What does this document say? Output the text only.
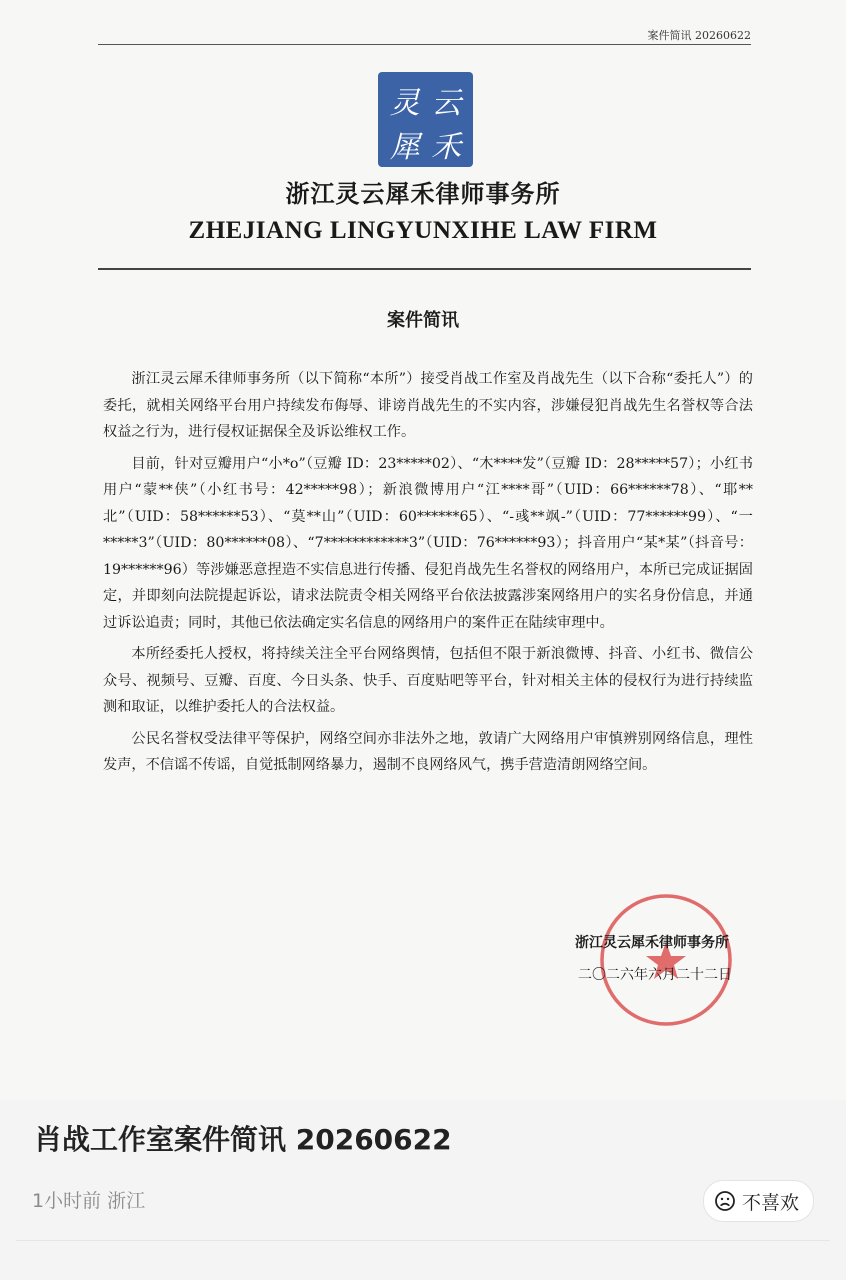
案件简讯 20260622
灵 云
犀 禾
浙江灵云犀禾律师事务所
ZHEJIANG LINGYUNXIHE LAW FIRM
案件简讯

浙江灵云犀禾律师事务所（以下简称“本所”）接受肖战工作室及肖战先生（以下合称“委托人”）的委托，就相关网络平台用户持续发布侮辱、诽谤肖战先生的不实内容，涉嫌侵犯肖战先生名誉权等合法权益之行为，进行侵权证据保全及诉讼维权工作。

目前，针对豆瓣用户“小*o”（豆瓣 ID：23*****02）、“木****发”（豆瓣 ID：28*****57）；小红书用户“蒙**侠”（小红书号：42*****98）；新浪微博用户“江****哥”（UID：66******78）、“耶**北”（UID：58******53）、“莫**山”（UID：60******65）、“-彧**飒-”（UID：77******99）、“一*****3”（UID：80******08）、“7************3”（UID：76******93）；抖音用户“某*某”（抖音号：19******96）等涉嫌恶意捏造不实信息进行传播、侵犯肖战先生名誉权的网络用户，本所已完成证据固定，并即刻向法院提起诉讼，请求法院责令相关网络平台依法披露涉案网络用户的实名身份信息，并通过诉讼追责；同时，其他已依法确定实名信息的网络用户的案件正在陆续审理中。

本所经委托人授权，将持续关注全平台网络舆情，包括但不限于新浪微博、抖音、小红书、微信公众号、视频号、豆瓣、百度、今日头条、快手、百度贴吧等平台，针对相关主体的侵权行为进行持续监测和取证，以维护委托人的合法权益。

公民名誉权受法律平等保护，网络空间亦非法外之地，敦请广大网络用户审慎辨别网络信息，理性发声，不信谣不传谣，自觉抵制网络暴力，遏制不良网络风气，携手营造清朗网络空间。

浙江灵云犀禾律师事务所
二〇二六年六月二十二日
肖战工作室案件简讯 20260622
1小时前 浙江	不喜欢
